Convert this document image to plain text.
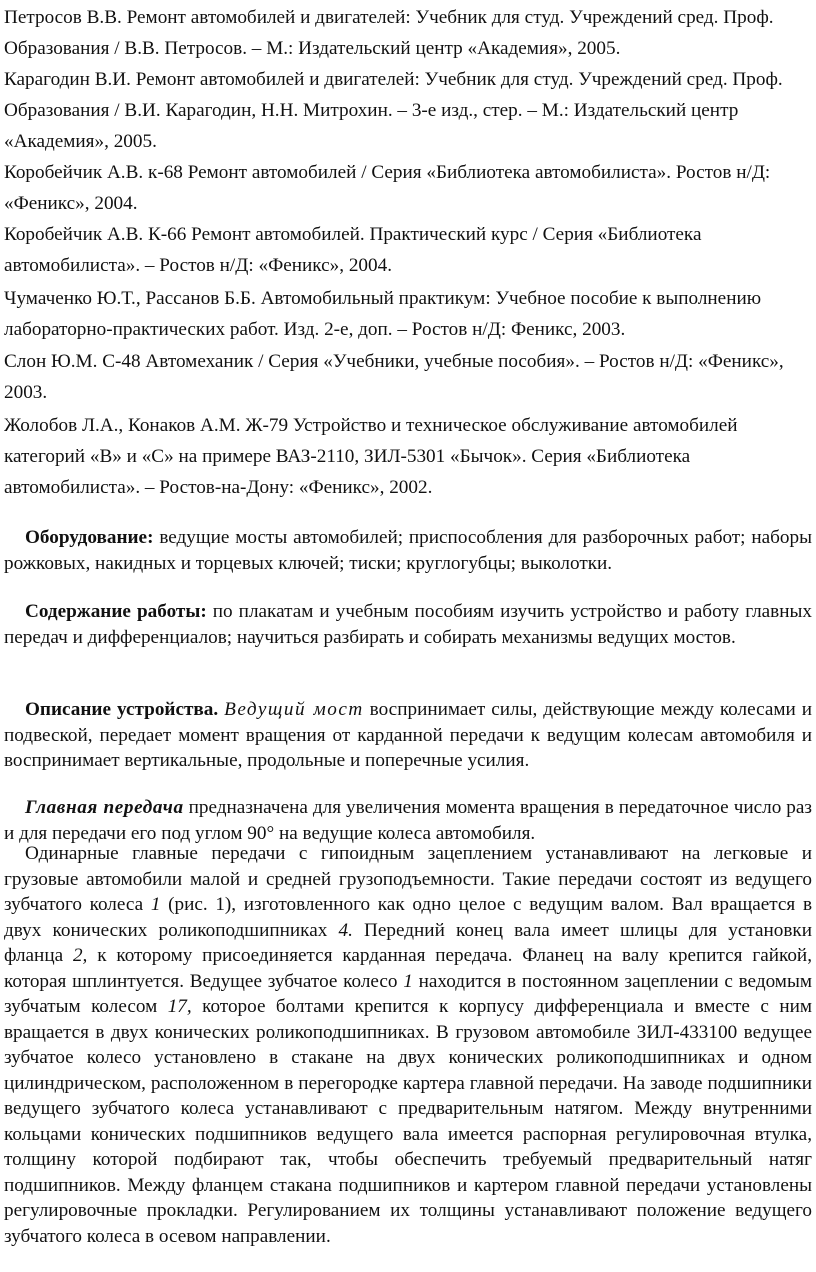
Петросов В.В. Ремонт автомобилей и двигателей: Учебник для студ. Учреждений сред. Проф. Образования / В.В. Петросов. – М.: Издательский центр «Академия», 2005.

Карагодин В.И. Ремонт автомобилей и двигателей: Учебник для студ. Учреждений сред. Проф. Образования / В.И. Карагодин, Н.Н. Митрохин. – 3-е изд., стер. – М.: Издательский центр «Академия», 2005.

Коробейчик А.В. к-68 Ремонт автомобилей / Серия «Библиотека автомобилиста». Ростов н/Д: «Феникс», 2004.

Коробейчик А.В. К-66 Ремонт автомобилей. Практический курс / Серия «Библиотека автомобилиста». – Ростов н/Д: «Феникс», 2004.

Чумаченко Ю.Т., Рассанов Б.Б. Автомобильный практикум: Учебное пособие к выполнению лабораторно-практических работ. Изд. 2-е, доп. – Ростов н/Д: Феникс, 2003.

Слон Ю.М. С-48 Автомеханик / Серия «Учебники, учебные пособия». – Ростов н/Д: «Феникс», 2003.

Жолобов Л.А., Конаков А.М. Ж-79 Устройство и техническое обслуживание автомобилей категорий «В» и «С» на примере ВАЗ-2110, ЗИЛ-5301 «Бычок». Серия «Библиотека автомобилиста». – Ростов-на-Дону: «Феникс», 2002.

Оборудование: ведущие мосты автомобилей; приспособления для разборочных работ; наборы рожковых, накидных и торцевых ключей; тиски; круглогубцы; выколотки.

Содержание работы: по плакатам и учебным пособиям изучить устройство и работу главных передач и дифференциалов; научиться разбирать и собирать механизмы ведущих мостов.

Описание устройства. Ведущий мост воспринимает силы, действующие между колесами и подвеской, передает момент вращения от карданной передачи к ведущим колесам автомобиля и воспринимает вертикальные, продольные и поперечные усилия.

Главная передача предназначена для увеличения момента вращения в передаточное число раз и для передачи его под углом 90° на ведущие колеса автомобиля.

Одинарные главные передачи с гипоидным зацеплением устанавливают на легковые и грузовые автомобили малой и средней грузоподъемности. Такие передачи состоят из ведущего зубчатого колеса 1 (рис. 1), изготовленного как одно целое с ведущим валом. Вал вращается в двух конических роликоподшипниках 4. Передний конец вала имеет шлицы для установки фланца 2, к которому присоединяется карданная передача. Фланец на валу крепится гайкой, которая шплинтуется. Ведущее зубчатое колесо 1 находится в постоянном зацеплении с ведомым зубчатым колесом 17, которое болтами крепится к корпусу дифференциала и вместе с ним вращается в двух конических роликоподшипниках. В грузовом автомобиле ЗИЛ-433100 ведущее зубчатое колесо установлено в стакане на двух конических роликоподшипниках и одном цилиндрическом, расположенном в перегородке картера главной передачи. На заводе подшипники ведущего зубчатого колеса устанавливают с предварительным натягом. Между внутренними кольцами конических подшипников ведущего вала имеется распорная регулировочная втулка, толщину которой подбирают так, чтобы обеспечить требуемый предварительный натяг подшипников. Между фланцем стакана подшипников и картером главной передачи установлены регулировочные прокладки. Регулированием их толщины устанавливают положение ведущего зубчатого колеса в осевом направлении.
